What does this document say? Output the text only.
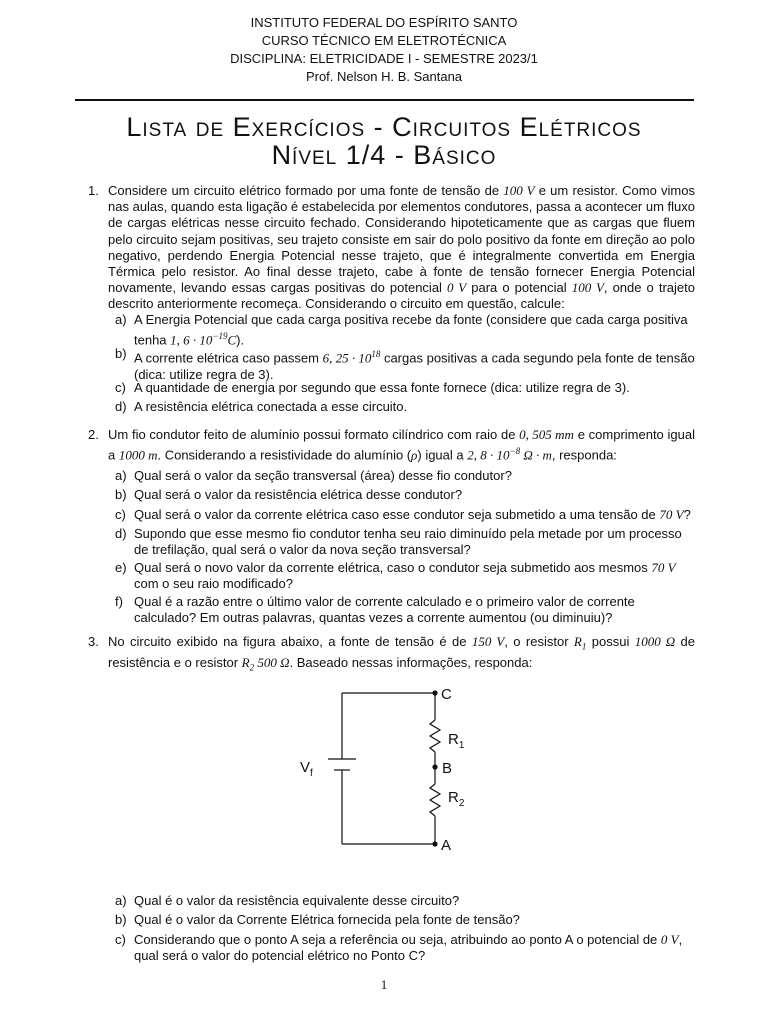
INSTITUTO FEDERAL DO ESPÍRITO SANTO
CURSO TÉCNICO EM ELETROTÉCNICA
DISCIPLINA: ELETRICIDADE I - SEMESTRE 2023/1
Prof. Nelson H. B. Santana
Lista de Exercícios - Circuitos Elétricos
Nível 1/4 - Básico
1. Considere um circuito elétrico formado por uma fonte de tensão de 100 V e um resistor. Como vimos nas aulas, quando esta ligação é estabelecida por elementos condutores, passa a acontecer um fluxo de cargas elétricas nesse circuito fechado. Considerando hipoteticamente que as cargas que fluem pelo circuito sejam positivas, seu trajeto consiste em sair do polo positivo da fonte em direção ao polo negativo, perdendo Energia Potencial nesse trajeto, que é integralmente convertida em Energia Térmica pelo resistor. Ao final desse trajeto, cabe à fonte de tensão fornecer Energia Potencial novamente, levando essas cargas positivas do potencial 0 V para o potencial 100 V, onde o trajeto descrito anteriormente recomeça. Considerando o circuito em questão, calcule:
a) A Energia Potencial que cada carga positiva recebe da fonte (considere que cada carga positiva tenha 1, $6 \cdot 10^{-19}C$).
b) A corrente elétrica caso passem 6, $25 \cdot 10^{18}$ cargas positivas a cada segundo pela fonte de tensão (dica: utilize regra de 3).
c) A quantidade de energia por segundo que essa fonte fornece (dica: utilize regra de 3).
d) A resistência elétrica conectada a esse circuito.
2. Um fio condutor feito de alumínio possui formato cilíndrico com raio de 0, 505 mm e comprimento igual a 1000 m. Considerando a resistividade do alumínio (ρ) igual a 2, $8 \cdot 10^{-8}$ Ω · m, responda:
a) Qual será o valor da seção transversal (área) desse fio condutor?
b) Qual será o valor da resistência elétrica desse condutor?
c) Qual será o valor da corrente elétrica caso esse condutor seja submetido a uma tensão de 70 V?
d) Supondo que esse mesmo fio condutor tenha seu raio diminuído pela metade por um processo de trefilação, qual será o valor da nova seção transversal?
e) Qual será o novo valor da corrente elétrica, caso o condutor seja submetido aos mesmos 70 V com o seu raio modificado?
f) Qual é a razão entre o último valor de corrente calculado e o primeiro valor de corrente calculado? Em outras palavras, quantas vezes a corrente aumentou (ou diminuiu)?
3. No circuito exibido na figura abaixo, a fonte de tensão é de 150 V, o resistor $R_1$ possui 1000 Ω de resistência e o resistor $R_2$ 500 Ω. Baseado nessas informações, responda:
C
$R_1$
$V_f$	B
$R_2$
A
a) Qual é o valor da resistência equivalente desse circuito?
b) Qual é o valor da Corrente Elétrica fornecida pela fonte de tensão?
c) Considerando que o ponto A seja a referência ou seja, atribuindo ao ponto A o potencial de 0 V, qual será o valor do potencial elétrico no Ponto C?
1
